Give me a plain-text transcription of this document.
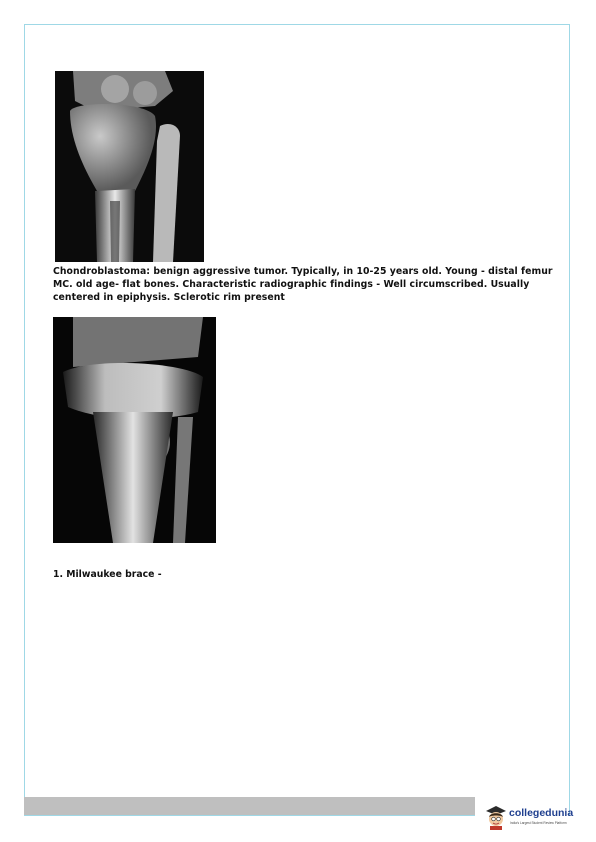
Chondroblastoma: benign aggressive tumor. Typically, in 10-25 years old. Young - distal femur MC. old age- flat bones. Characteristic radiographic findings - Well circumscribed. Usually centered in epiphysis. Sclerotic rim present
1. Milwaukee brace -
collegedunia
India's Largest Student Review Platform
